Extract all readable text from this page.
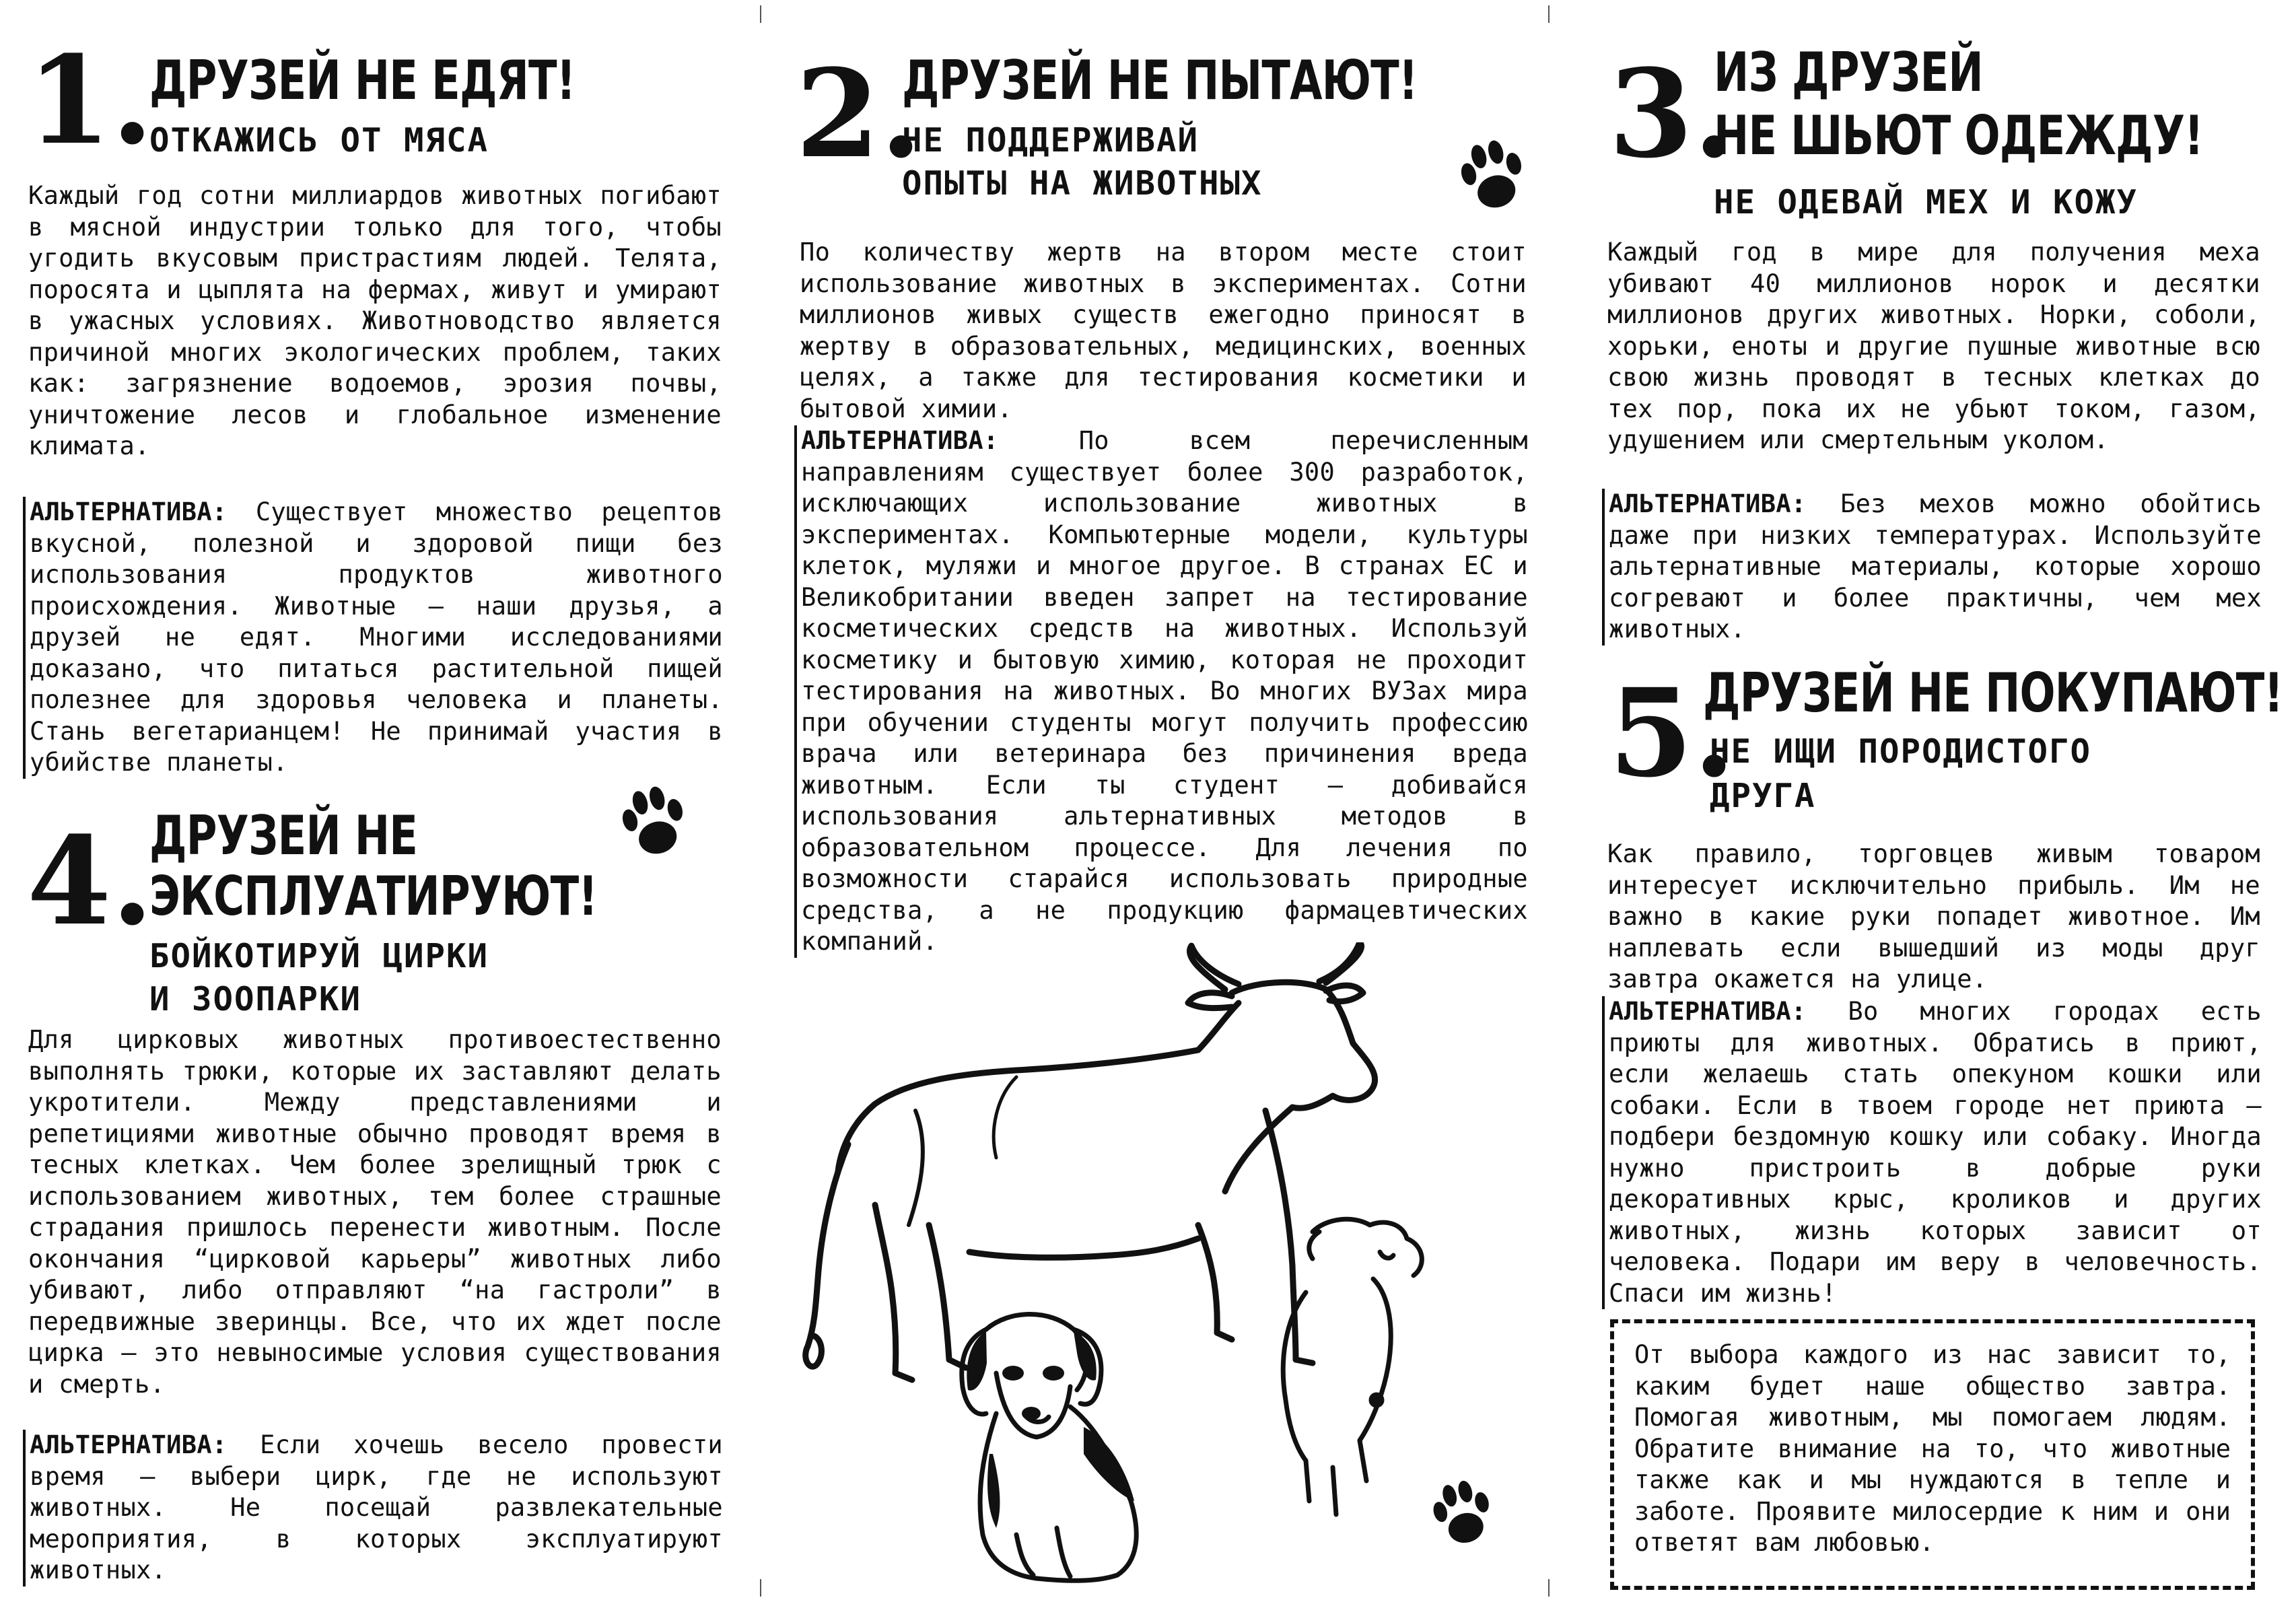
1.
ДРУЗЕЙ НЕ ЕДЯТ!
ОТКАЖИСЬ ОТ МЯСА

Каждый год сотни миллиардов животных погибают в мясной индустрии только для того, чтобы угодить вкусовым пристрастиям людей. Телята, поросята и цыплята на фермах, живут и умирают в ужасных условиях. Животноводство является причиной многих экологических проблем, таких как: загрязнение водоемов, эрозия почвы, уничтожение лесов и глобальное изменение климата.

АЛЬТЕРНАТИВА: Существует множество рецептов вкусной, полезной и здоровой пищи без использования продуктов животного происхождения. Животные – наши друзья, а друзей не едят. Многими исследованиями доказано, что питаться растительной пищей полезнее для здоровья человека и планеты. Стань вегетарианцем! Не принимай участия в убийстве планеты.

4.
ДРУЗЕЙ НЕ
ЭКСПЛУАТИРУЮТ!
БОЙКОТИРУЙ ЦИРКИ
И ЗООПАРКИ

Для цирковых животных противоестественно выполнять трюки, которые их заставляют делать укротители. Между представлениями и репетициями животные обычно проводят время в тесных клетках. Чем более зрелищный трюк с использованием животных, тем более страшные страдания пришлось перенести животным. После окончания “цирковой карьеры” животных либо убивают, либо отправляют “на гастроли” в передвижные зверинцы. Все, что их ждет после цирка – это невыносимые условия существования и смерть.

АЛЬТЕРНАТИВА: Если хочешь весело провести время – выбери цирк, где не используют животных. Не посещай развлекательные мероприятия, в которых эксплуатируют животных.

2.
ДРУЗЕЙ НЕ ПЫТАЮТ!
НЕ ПОДДЕРЖИВАЙ
ОПЫТЫ НА ЖИВОТНЫХ

По количеству жертв на втором месте стоит использование животных в экспериментах. Сотни миллионов живых существ ежегодно приносят в жертву в образовательных, медицинских, военных целях, а также для тестирования косметики и бытовой химии.

АЛЬТЕРНАТИВА:	По всем перечисленным направлениям существует более 300 разработок, исключающих использование животных в экспериментах. Компьютерные модели, культуры клеток, муляжи и многое другое. В странах ЕС и Великобритании введен запрет на тестирование косметических средств на животных. Используй косметику и бытовую химию, которая не проходит тестирования на животных. Во многих ВУЗах мира при обучении студенты могут получить профессию врача или ветеринара без причинения вреда животным. Если ты студент – добивайся использования альтернативных методов в образовательном процессе. Для лечения по возможности старайся использовать природные средства, а не продукцию фармацевтических компаний.

3.
ИЗ ДРУЗЕЙ
НЕ ШЬЮТ ОДЕЖДУ!
НЕ ОДЕВАЙ МЕХ И КОЖУ

Каждый год в мире для получения меха убивают 40 миллионов норок и десятки миллионов других животных. Норки, соболи, хорьки, еноты и другие пушные животные всю свою жизнь проводят в тесных клетках до тех пор, пока их не убьют током, газом, удушением или смертельным уколом.

АЛЬТЕРНАТИВА: Без мехов можно обойтись даже при низких температурах. Используйте альтернативные материалы, которые хорошо согревают и более практичны, чем мех животных.

5.
ДРУЗЕЙ НЕ ПОКУПАЮТ!
НЕ ИЩИ ПОРОДИСТОГО
ДРУГА

Как правило, торговцев живым товаром интересует исключительно прибыль. Им не важно в какие руки попадет животное. Им наплевать если вышедший из моды друг завтра окажется на улице.

АЛЬТЕРНАТИВА: Во многих городах есть приюты для животных. Обратись в приют, если желаешь стать опекуном кошки или собаки. Если в твоем городе нет приюта – подбери бездомную кошку или собаку. Иногда нужно пристроить в добрые руки декоративных крыс, кроликов и других животных, жизнь которых зависит от человека. Подари им веру в человечность. Спаси им жизнь!

От выбора каждого из нас зависит то, каким будет наше общество завтра. Помогая животным, мы помогаем людям. Обратите внимание на то, что животные также как и мы нуждаются в тепле и заботе. Проявите милосердие к ним и они ответят вам любовью.
